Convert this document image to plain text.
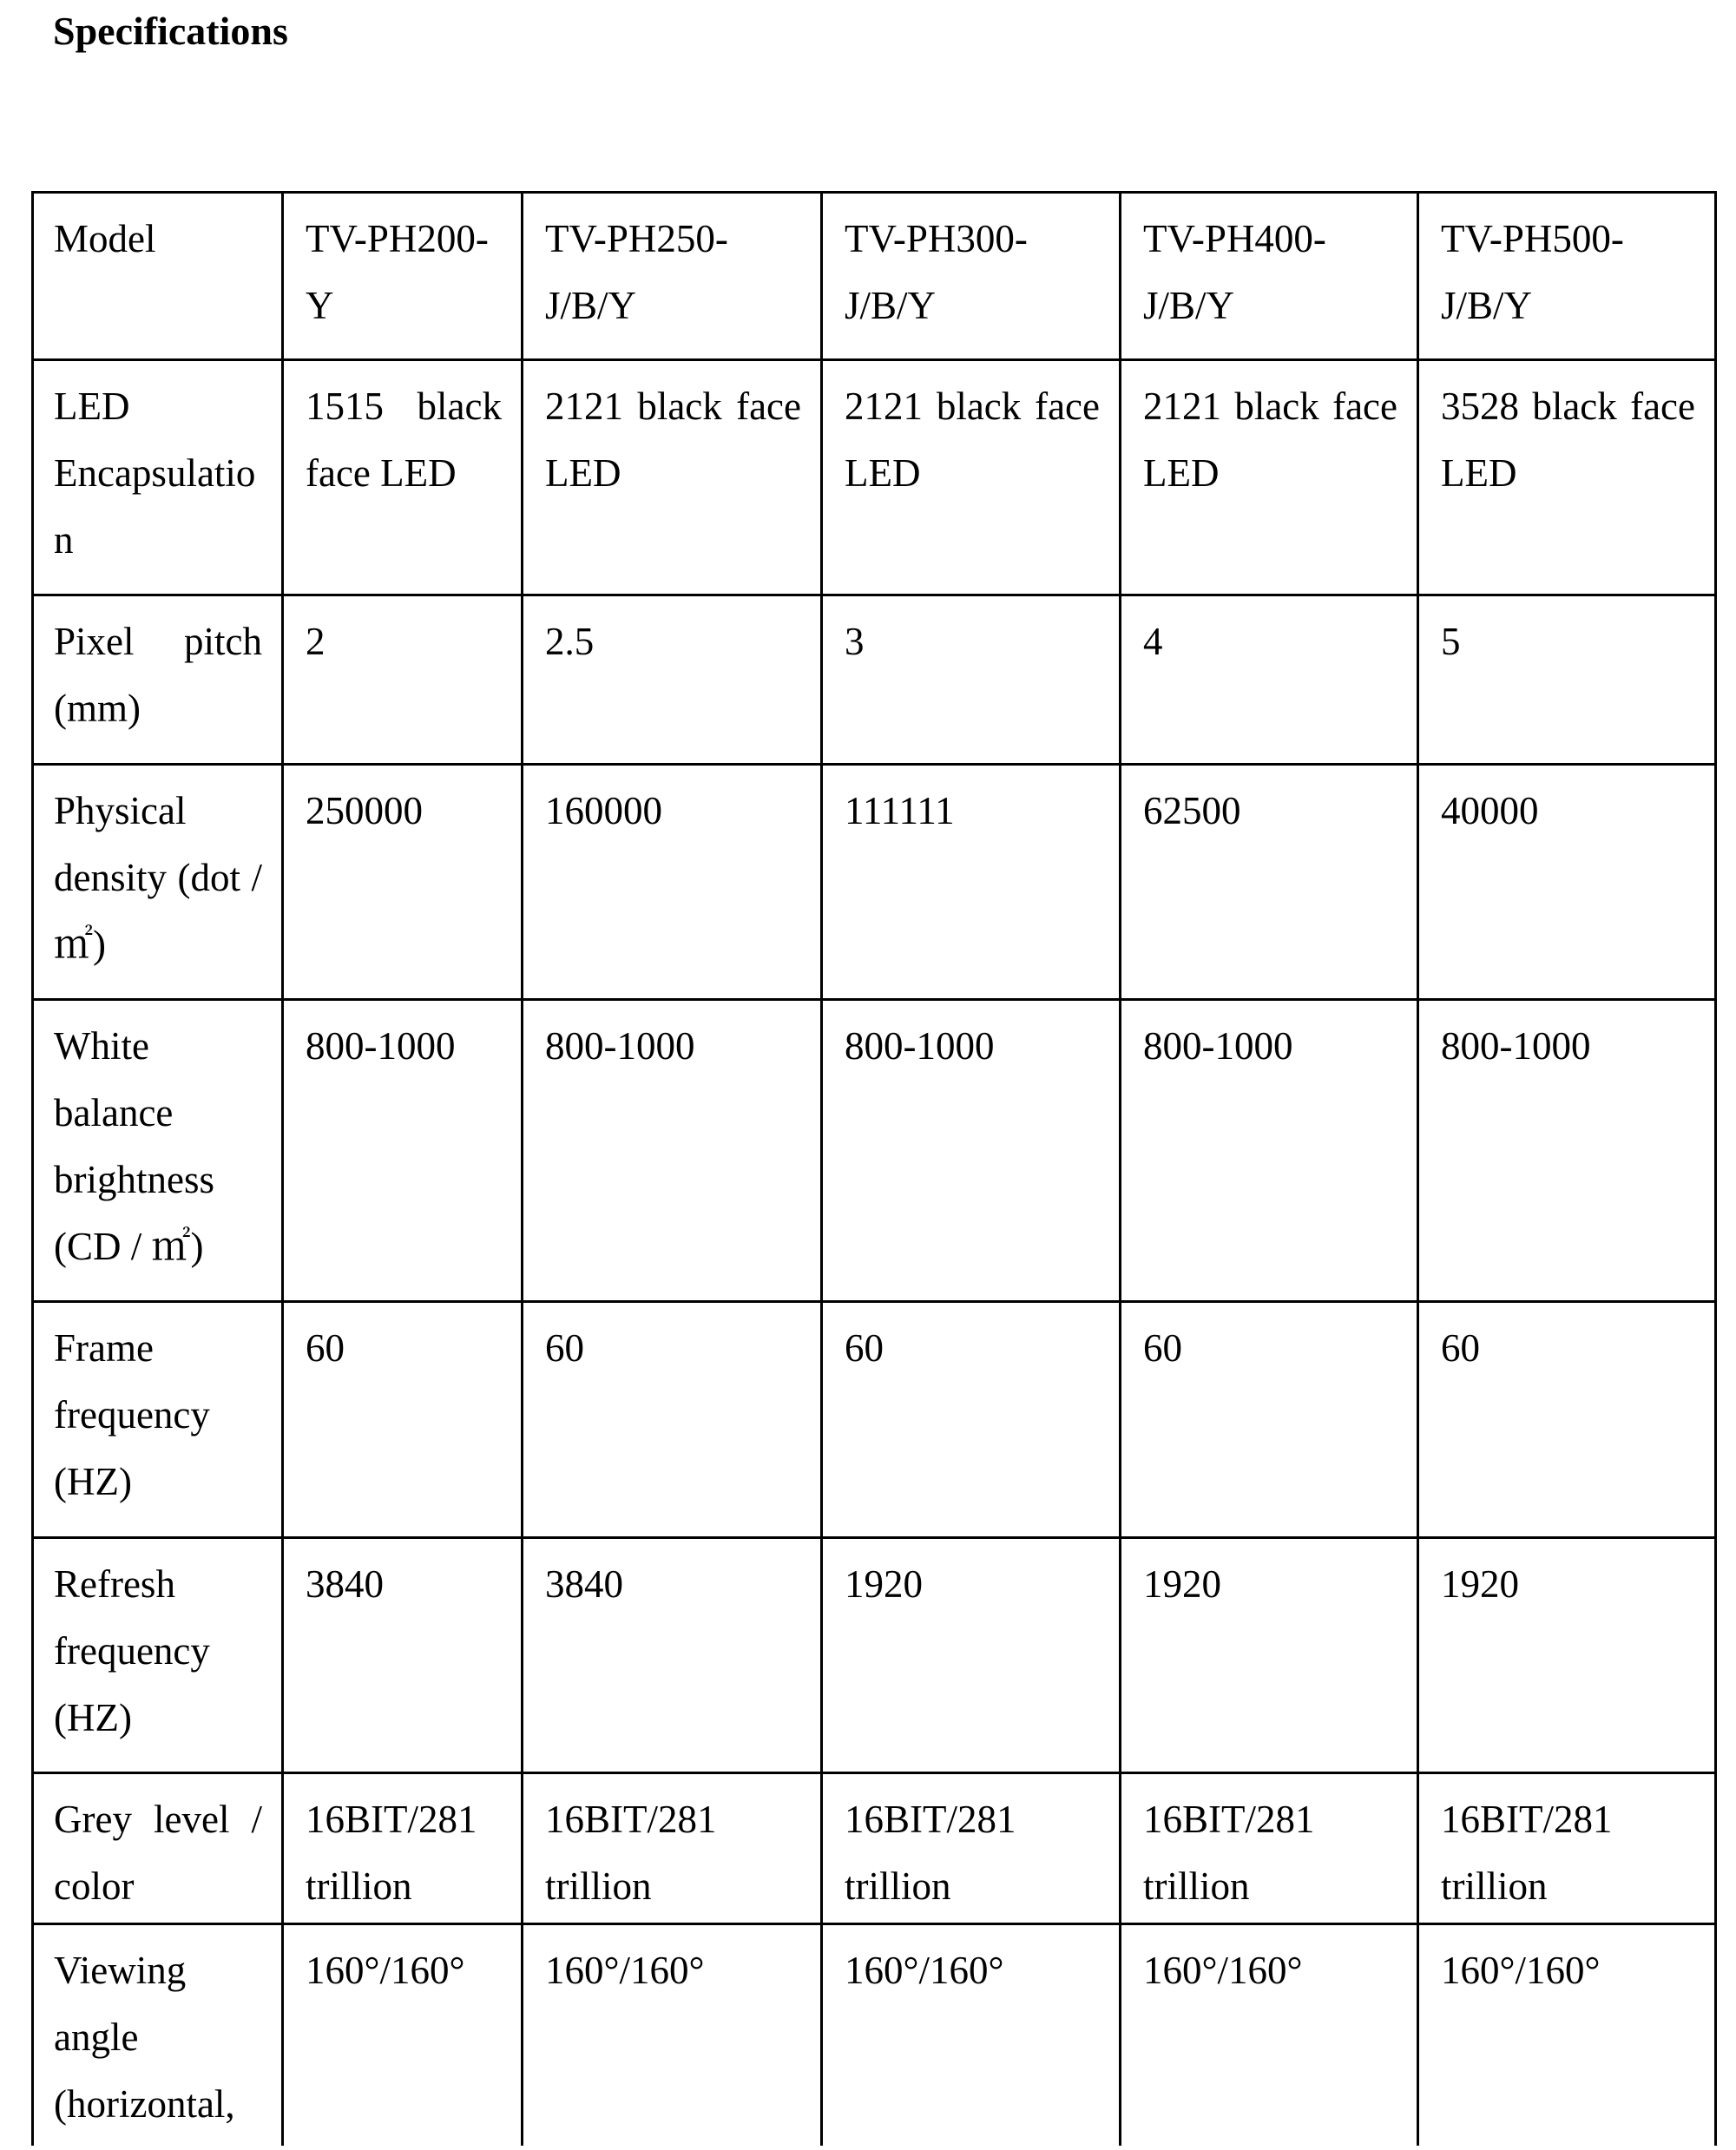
Specifications
Model	TV-PH200-Y	TV-PH250-J/B/Y	TV-PH300-J/B/Y	TV-PH400-J/B/Y	TV-PH500-J/B/Y
LED Encapsulation	1515 black face LED	2121 black face LED	2121 black face LED	2121 black face LED	3528 black face LED
Pixel pitch (mm)	2	2.5	3	4	5
Physical density (dot / ㎡)	250000	160000	111111	62500	40000
White balance brightness (CD / ㎡)	800-1000	800-1000	800-1000	800-1000	800-1000
Frame frequency (HZ)	60	60	60	60	60
Refresh frequency (HZ)	3840	3840	1920	1920	1920
Grey level / color	16BIT/281 trillion	16BIT/281 trillion	16BIT/281 trillion	16BIT/281 trillion	16BIT/281 trillion
Viewing angle (horizontal,	160°/160°	160°/160°	160°/160°	160°/160°	160°/160°
